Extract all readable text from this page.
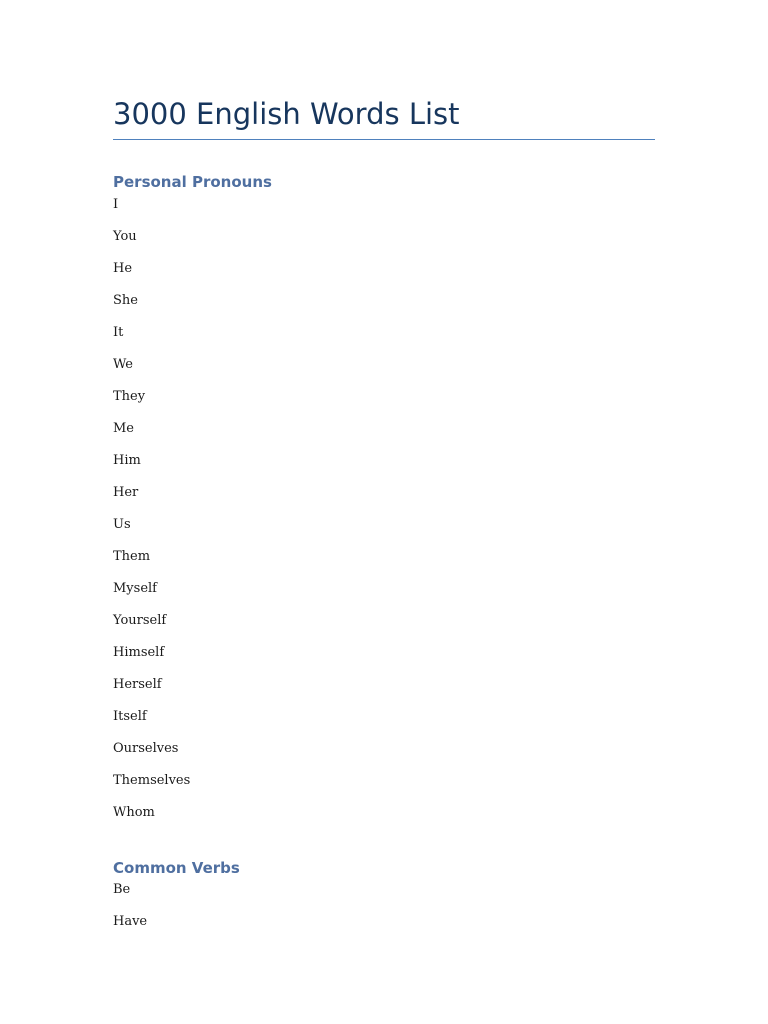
3000 English Words List
Personal Pronouns
I
You
He
She
It
We
They
Me
Him
Her
Us
Them
Myself
Yourself
Himself
Herself
Itself
Ourselves
Themselves
Whom
Common Verbs
Be
Have
